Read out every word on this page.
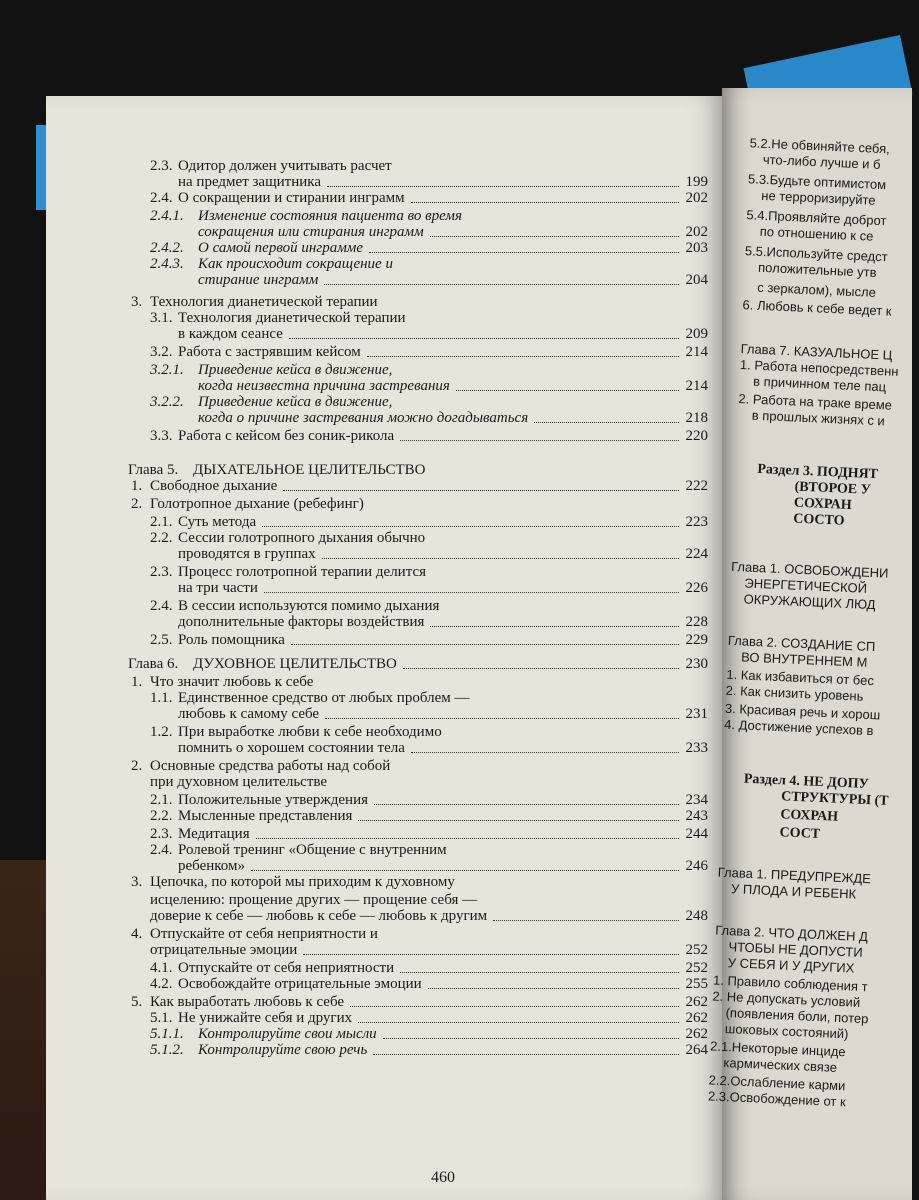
2.3. Одитор должен учитывать расчет
на предмет защитника	199
2.4. О сокращении и стирании инграмм	202
2.4.1. Изменение состояния пациента во время
сокращения или стирания инграмм	202
2.4.2. О самой первой инграмме	203
2.4.3. Как происходит сокращение и
стирание инграмм	204
3. Технология дианетической терапии
3.1. Технология дианетической терапии
в каждом сеансе	209
3.2. Работа с застрявшим кейсом	214
3.2.1. Приведение кейса в движение,
когда неизвестна причина застревания	214
3.2.2. Приведение кейса в движение,
когда о причине застревания можно догадываться	218
3.3. Работа с кейсом без соник-рикола	220
Глава 5. ДЫХАТЕЛЬНОЕ ЦЕЛИТЕЛЬСТВО
1. Свободное дыхание	222
2. Голотропное дыхание (ребефинг)
2.1. Суть метода	223
2.2. Сессии голотропного дыхания обычно
проводятся в группах	224
2.3. Процесс голотропной терапии делится
на три части	226
2.4. В сессии используются помимо дыхания
дополнительные факторы воздействия	228
2.5. Роль помощника	229
Глава 6. ДУХОВНОЕ ЦЕЛИТЕЛЬСТВО	230
1. Что значит любовь к себе
1.1. Единственное средство от любых проблем —
любовь к самому себе	231
1.2. При выработке любви к себе необходимо
помнить о хорошем состоянии тела	233
2. Основные средства работы над собой
при духовном целительстве
2.1. Положительные утверждения	234
2.2. Мысленные представления	243
2.3. Медитация	244
2.4. Ролевой тренинг «Общение с внутренним
ребенком»	246
3. Цепочка, по которой мы приходим к духовному
исцелению: прощение других — прощение себя —
доверие к себе — любовь к себе — любовь к другим	248
4. Отпускайте от себя неприятности и
отрицательные эмоции	252
4.1. Отпускайте от себя неприятности	252
4.2. Освобождайте отрицательные эмоции	255
5. Как выработать любовь к себе	262
5.1. Не унижайте себя и других	262
5.1.1. Контролируйте свои мысли	262
5.1.2. Контролируйте свою речь	264
460
5.2.Не обвиняйте себя,
что-либо лучше и б
5.3.Будьте оптимистом
не терроризируйте
5.4.Проявляйте доброт
по отношению к се
5.5.Используйте средст
положительные утв
с зеркалом), мысле
6. Любовь к себе ведет к
Глава 7. КАЗУАЛЬНОЕ Ц
1. Работа непосредственн
в причинном теле пац
2. Работа на траке време
в прошлых жизнях с и
Раздел 3. ПОДНЯТ
(ВТОРОЕ У
СОХРАН
СОСТО
Глава 1. ОСВОБОЖДЕНИ
ЭНЕРГЕТИЧЕСКОЙ
ОКРУЖАЮЩИХ ЛЮД
Глава 2. СОЗДАНИЕ СП
ВО ВНУТРЕННЕМ М
1. Как избавиться от бес
2. Как снизить уровень
3. Красивая речь и хорош
4. Достижение успехов в
Раздел 4. НЕ ДОПУ
СТРУКТУРЫ (Т
СОХРАН
СОСТ
Глава 1. ПРЕДУПРЕЖДЕ
У ПЛОДА И РЕБЕНК
Глава 2. ЧТО ДОЛЖЕН Д
ЧТОБЫ НЕ ДОПУСТИ
У СЕБЯ И У ДРУГИХ
1. Правило соблюдения т
2. Не допускать условий
(появления боли, потер
шоковых состояний)
2.1.Некоторые инциде
кармических связе
2.2.Ослабление карми
2.3.Освобождение от к
